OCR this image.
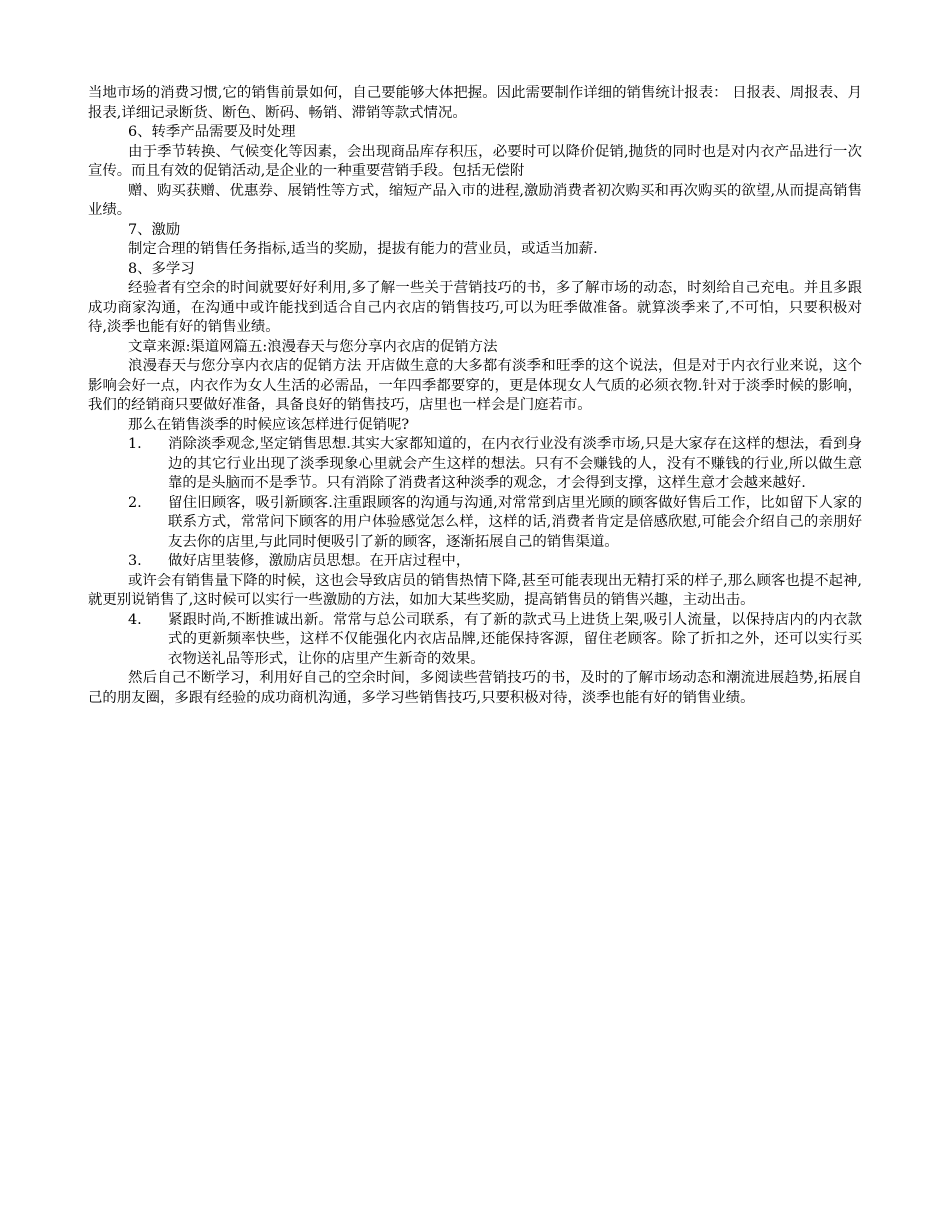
当地市场的消费习惯,它的销售前景如何，自己要能够大体把握。因此需要制作详细的销售统计报表： 日报表、周报表、月报表,详细记录断货、断色、断码、畅销、滞销等款式情况。

6、转季产品需要及时处理

由于季节转换、气候变化等因素，会出现商品库存积压，必要时可以降价促销,抛货的同时也是对内衣产品进行一次宣传。而且有效的促销活动,是企业的一种重要营销手段。包括无偿附

赠、购买获赠、优惠券、展销性等方式，缩短产品入市的进程,激励消费者初次购买和再次购买的欲望,从而提高销售业绩。

7、激励

制定合理的销售任务指标,适当的奖励，提拔有能力的营业员，或适当加薪.

8、多学习

经验者有空余的时间就要好好利用,多了解一些关于营销技巧的书，多了解市场的动态，时刻给自己充电。并且多跟成功商家沟通，在沟通中或许能找到适合自己内衣店的销售技巧,可以为旺季做准备。就算淡季来了,不可怕，只要积极对待,淡季也能有好的销售业绩。

文章来源:渠道网篇五:浪漫春天与您分享内衣店的促销方法

浪漫春天与您分享内衣店的促销方法 开店做生意的大多都有淡季和旺季的这个说法，但是对于内衣行业来说，这个影响会好一点，内衣作为女人生活的必需品，一年四季都要穿的，更是体现女人气质的必须衣物.针对于淡季时候的影响，我们的经销商只要做好准备，具备良好的销售技巧，店里也一样会是门庭若市。

那么在销售淡季的时候应该怎样进行促销呢?

1.	消除淡季观念,坚定销售思想.其实大家都知道的，在内衣行业没有淡季市场,只是大家存在这样的想法，看到身边的其它行业出现了淡季现象心里就会产生这样的想法。只有不会赚钱的人，没有不赚钱的行业,所以做生意靠的是头脑而不是季节。只有消除了消费者这种淡季的观念，才会得到支撑，这样生意才会越来越好.
2.	留住旧顾客，吸引新顾客.注重跟顾客的沟通与沟通,对常常到店里光顾的顾客做好售后工作，比如留下人家的联系方式，常常问下顾客的用户体验感觉怎么样，这样的话,消费者肯定是倍感欣慰,可能会介绍自己的亲朋好友去你的店里,与此同时便吸引了新的顾客，逐渐拓展自己的销售渠道。
3.	做好店里装修，激励店员思想。在开店过程中，

或许会有销售量下降的时候，这也会导致店员的销售热情下降,甚至可能表现出无精打采的样子,那么顾客也提不起神,就更别说销售了,这时候可以实行一些激励的方法，如加大某些奖励，提高销售员的销售兴趣，主动出击。

4.	紧跟时尚,不断推诚出新。常常与总公司联系，有了新的款式马上进货上架,吸引人流量，以保持店内的内衣款式的更新频率快些，这样不仅能强化内衣店品牌,还能保持客源，留住老顾客。除了折扣之外，还可以实行买衣物送礼品等形式，让你的店里产生新奇的效果。

然后自己不断学习，利用好自己的空余时间，多阅读些营销技巧的书，及时的了解市场动态和潮流进展趋势,拓展自己的朋友圈，多跟有经验的成功商机沟通，多学习些销售技巧,只要积极对待，淡季也能有好的销售业绩。
